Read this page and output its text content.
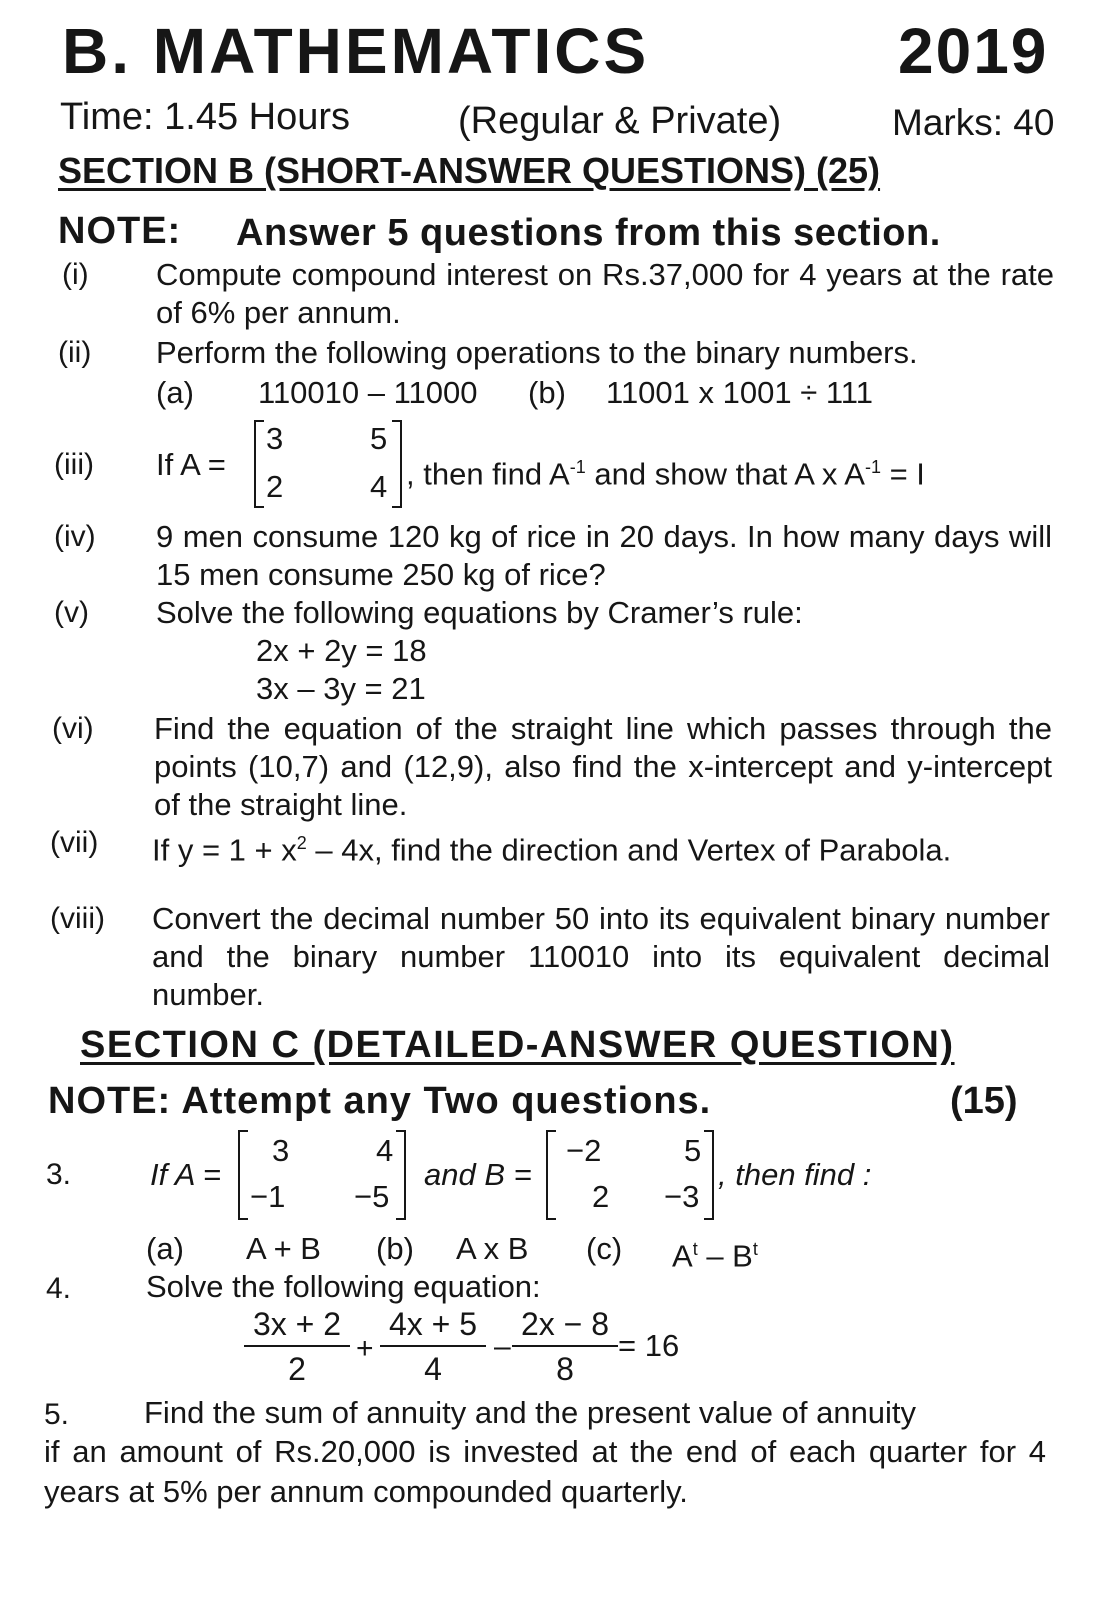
B. MATHEMATICS	2019
Time: 1.45 Hours	(Regular & Private)	Marks: 40
SECTION B (SHORT-ANSWER QUESTIONS) (25)
NOTE: Answer 5 questions from this section.
(i) Compute compound interest on Rs.37,000 for 4 years at the rate of 6% per annum.
(ii) Perform the following operations to the binary numbers.
(a) 110010 – 11000 (b) 11001 x 1001 ÷ 111
(iii) If A =
3	5
2	4 , then find $A^{-1}$ and show that A x $A^{-1} = I$
(iv) 9 men consume 120 kg of rice in 20 days. In how many days will 15 men consume 250 kg of rice?
(v) Solve the following equations by Cramer’s rule:
2x + 2y = 18
3x – 3y = 21
(vi) Find the equation of the straight line which passes through the points (10,7) and (12,9), also find the x-intercept and y-intercept of the straight line.
(vii) If $y = 1 + x^2 - 4x$, find the direction and Vertex of Parabola.
(viii) Convert the decimal number 50 into its equivalent binary number and the binary number 110010 into its equivalent decimal number.
SECTION C (DETAILED-ANSWER QUESTION)
NOTE: Attempt any Two questions.	(15)
3.	If A =
3	4
−1 −5
and B =
−2	5
2 −3
, then find :
(a) A + B (b) A x B (c) $A^t - B^t$
4. Solve the following equation:
$\frac{3x + 2}{2} + \frac{4x + 5}{4} - \frac{2x - 8}{8} = 16$
5. Find the sum of annuity and the present value of annuity
if an amount of Rs.20,000 is invested at the end of each quarter for 4 years at 5% per annum compounded quarterly.
